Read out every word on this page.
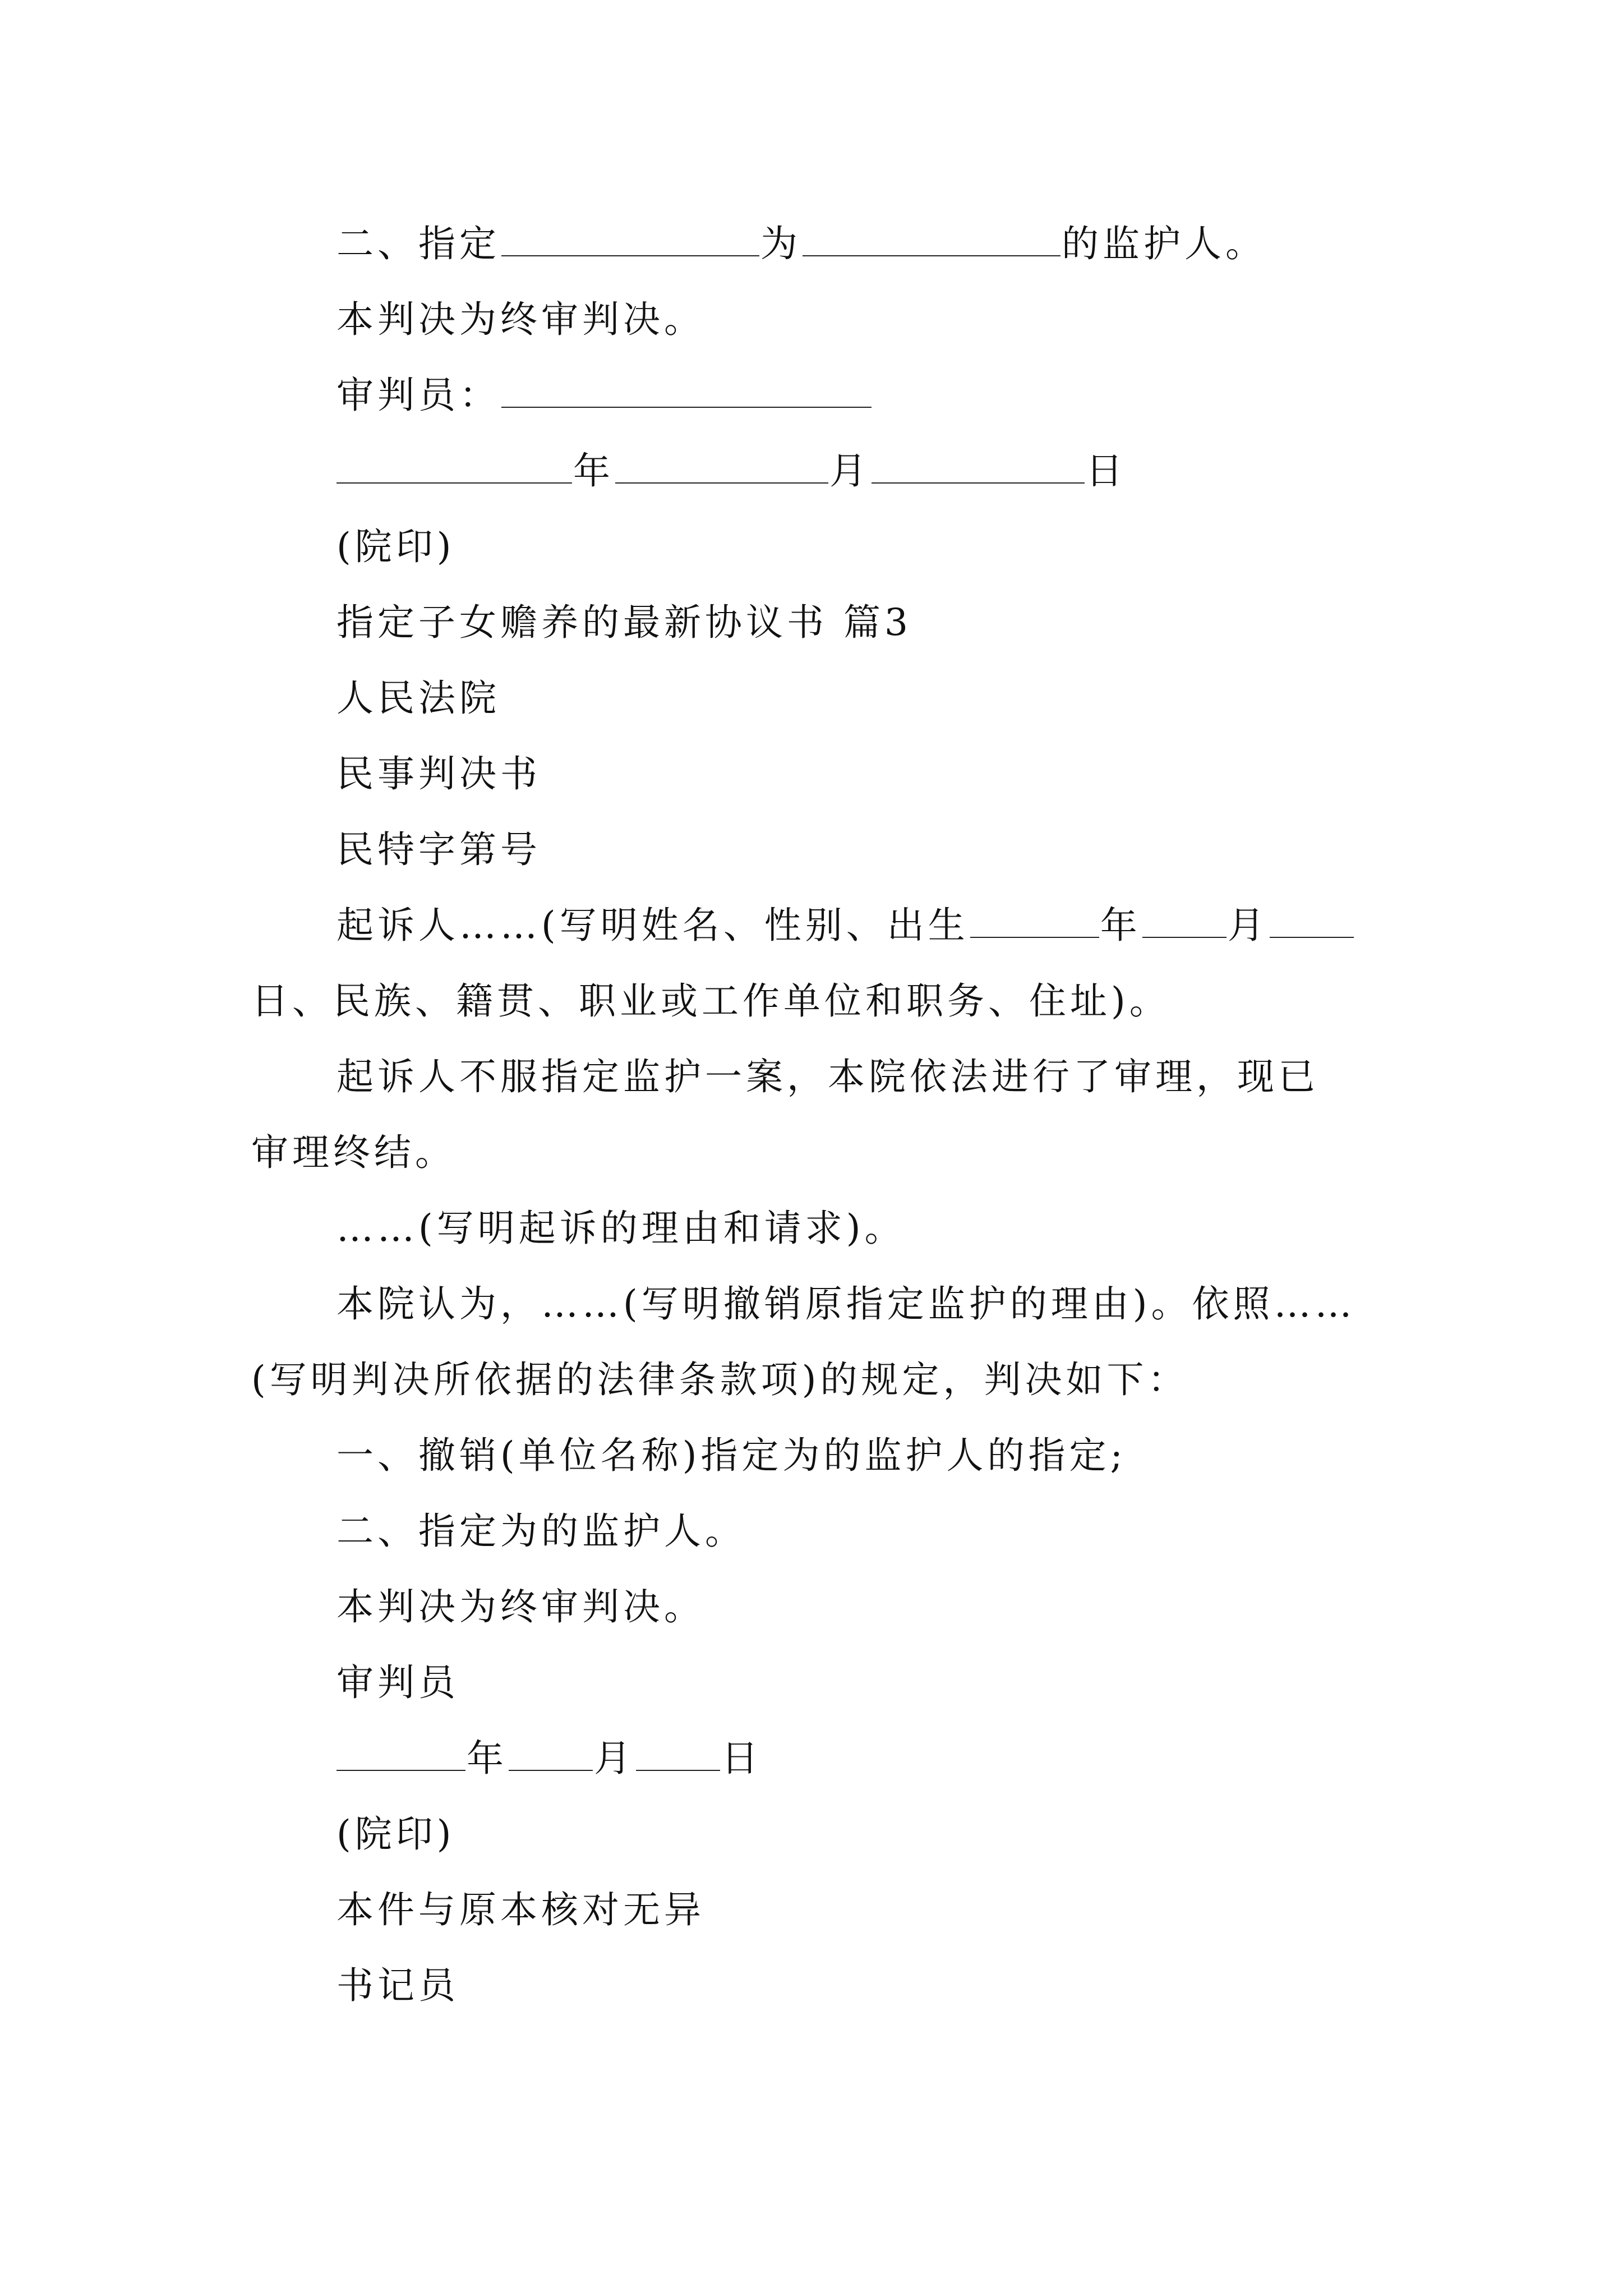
二、指定	为	的监护人。
本判决为终审判决。
审判员：
年	月	日
(院印)
指定子女赡养的最新协议书 篇3
人民法院
民事判决书
民特字第号
起诉人……(写明姓名、性别、出生	年 月
日、民族、籍贯、职业或工作单位和职务、住址)。
起诉人不服指定监护一案，本院依法进行了审理，现已
审理终结。
……(写明起诉的理由和请求)。
本院认为，……(写明撤销原指定监护的理由)。依照……
(写明判决所依据的法律条款项)的规定，判决如下：
一、撤销(单位名称)指定为的监护人的指定;
二、指定为的监护人。
本判决为终审判决。
审判员
年 月 日
(院印)
本件与原本核对无异
书记员
